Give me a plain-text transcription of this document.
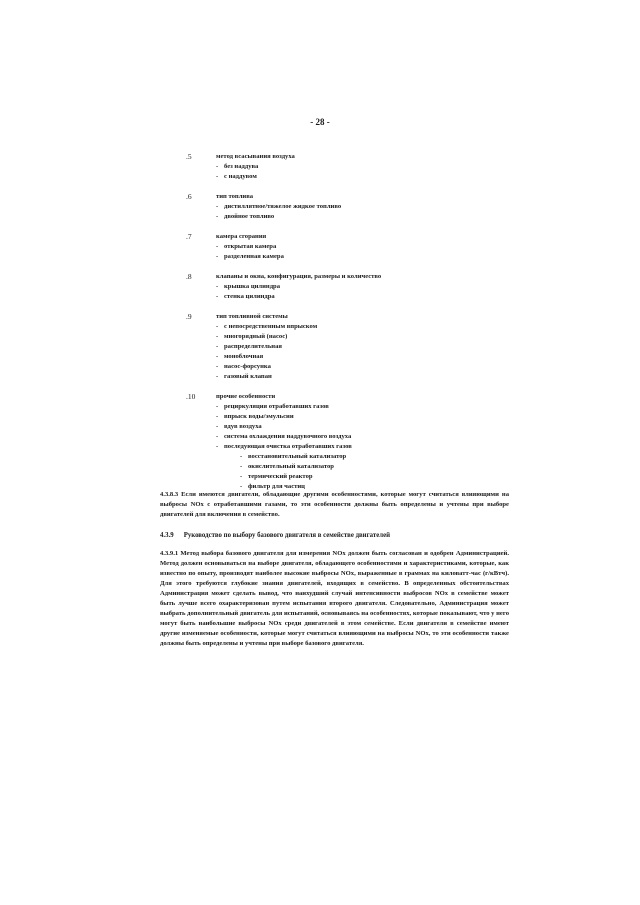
- 28 -
.5	метод всасывания воздуха
- без наддува
- с наддувом
.6	тип топлива
- дистиллятное/тяжелое жидкое топливо
- двойное топливо
.7	камера сгорания
- открытая камера
- разделенная камера
.8	клапаны и окна, конфигурация, размеры и количество
- крышка цилиндра
- стенка цилиндра
.9	тип топливной системы
- с непосредственным впрыском
- многорядный (насос)
- распределительная
- моноблочная
- насос-форсунка
- газовый клапан
.10	прочие особенности
- рециркуляция отработавших газов
- впрыск воды/эмульсии
- вдув воздуха
- система охлаждения наддувочного воздуха
- последующая очистка отработавших газов
- восстановительный катализатор
- окислительный катализатор
- термический реактор
- фильтр для частиц

4.3.8.3 Если имеются двигатели, обладающие другими особенностями, которые могут считаться влияющими на выбросы NOx с отработавшими газами, то эти особенности должны быть определены и учтены при выборе двигателей для включения в семейство.

4.3.9 Руководство по выбору базового двигателя в семействе двигателей

4.3.9.1 Метод выбора базового двигателя для измерения NOx должен быть согласован и одобрен Администрацией. Метод должен основываться на выборе двигателя, обладающего особенностями и характеристиками, которые, как известно по опыту, производят наиболее высокие выбросы NOx, выраженные в граммах на киловатт-час (г/кВтч). Для этого требуются глубокие знания двигателей, входящих в семейство. В определенных обстоятельствах Администрация может сделать вывод, что наихудший случай интенсивности выбросов NOx в семействе может быть лучше всего охарактеризован путем испытания второго двигателя. Следовательно, Администрация может выбрать дополнительный двигатель для испытаний, основываясь на особенностях, которые показывают, что у него могут быть наибольшие выбросы NOx среди двигателей в этом семействе. Если двигатели в семействе имеют другие изменяемые особенности, которые могут считаться влияющими на выбросы NOx, то эти особенности также должны быть определены и учтены при выборе базового двигателя.
